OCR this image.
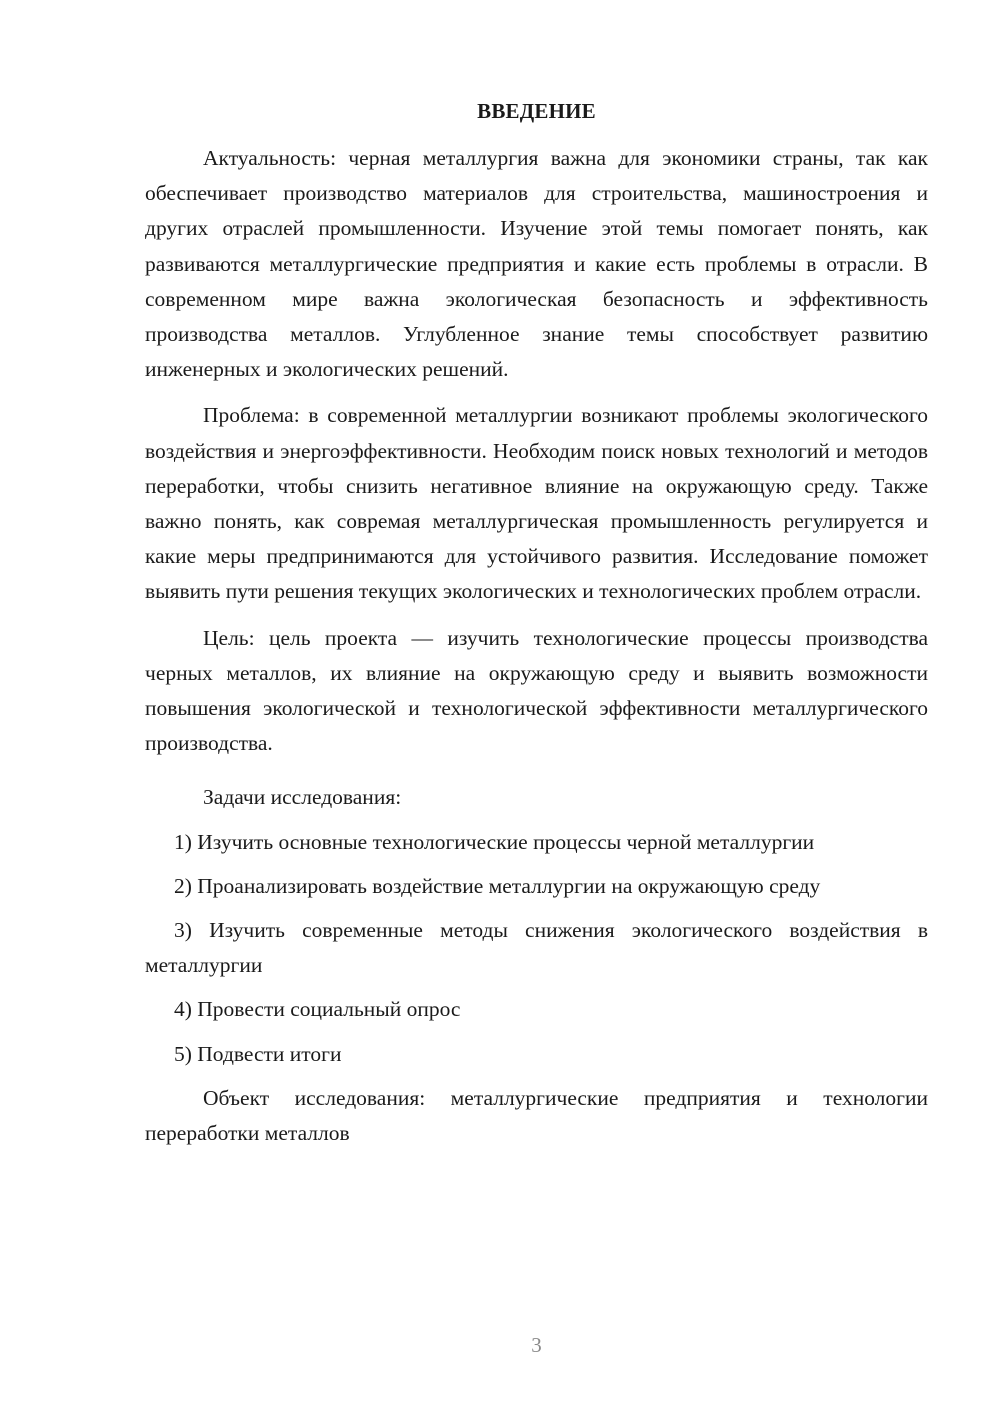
ВВЕДЕНИЕ

Актуальность: черная металлургия важна для экономики страны, так как обеспечивает производство материалов для строительства, машиностроения и других отраслей промышленности. Изучение этой темы помогает понять, как развиваются металлургические предприятия и какие есть проблемы в отрасли. В современном мире важна экологическая безопасность и эффективность производства металлов. Углубленное знание темы способствует развитию инженерных и экологических решений.

Проблема: в современной металлургии возникают проблемы экологического воздействия и энергоэффективности. Необходим поиск новых технологий и методов переработки, чтобы снизить негативное влияние на окружающую среду. Также важно понять, как совремая металлургическая промышленность регулируется и какие меры предпринимаются для устойчивого развития. Исследование поможет выявить пути решения текущих экологических и технологических проблем отрасли.

Цель: цель проекта — изучить технологические процессы производства черных металлов, их влияние на окружающую среду и выявить возможности повышения экологической и технологической эффективности металлургического производства.

Задачи исследования:

1) Изучить основные технологические процессы черной металлургии

2) Проанализировать воздействие металлургии на окружающую среду

3) Изучить современные методы снижения экологического воздействия в металлургии

4) Провести социальный опрос

5) Подвести итоги

Объект исследования: металлургические предприятия и технологии переработки металлов

3
